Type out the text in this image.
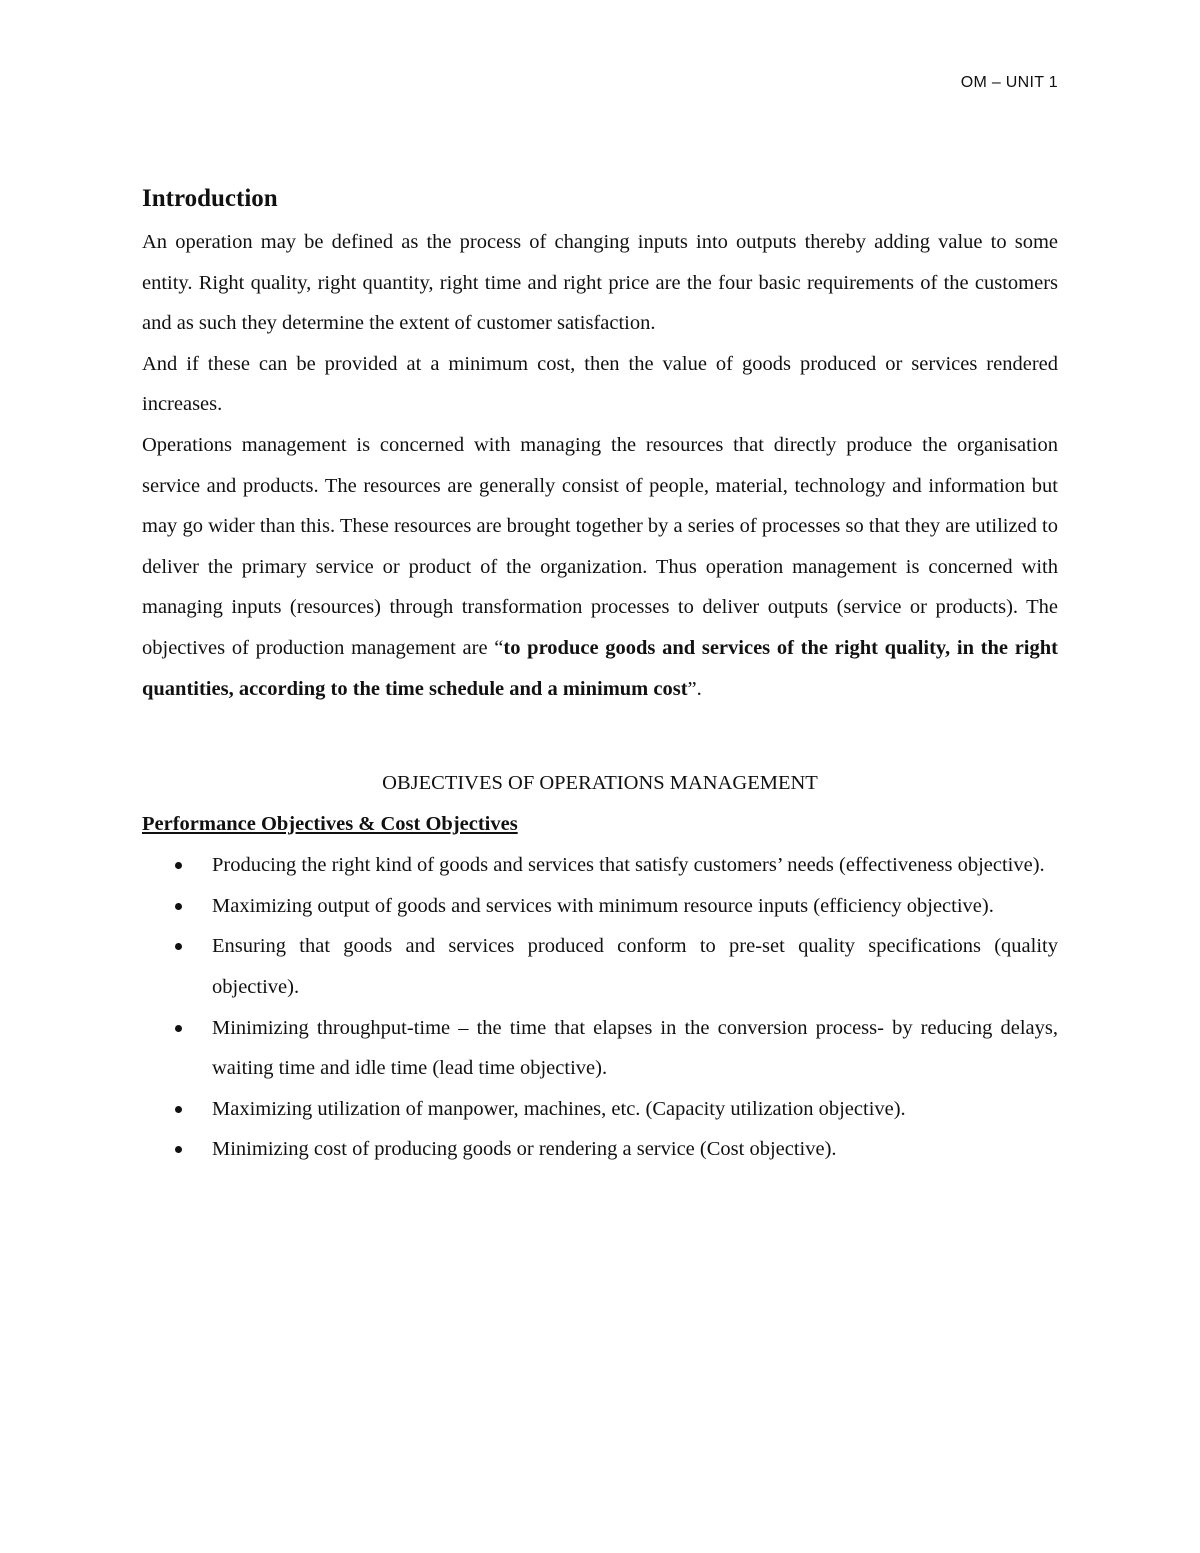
OM – UNIT 1
Introduction

An operation may be defined as the process of changing inputs into outputs thereby adding value to some entity. Right quality, right quantity, right time and right price are the four basic requirements of the customers and as such they determine the extent of customer satisfaction.

And if these can be provided at a minimum cost, then the value of goods produced or services rendered increases.

Operations management is concerned with managing the resources that directly produce the organisation service and products. The resources are generally consist of people, material, technology and information but may go wider than this. These resources are brought together by a series of processes so that they are utilized to deliver the primary service or product of the organization. Thus operation management is concerned with managing inputs (resources) through transformation processes to deliver outputs (service or products). The objectives of production management are “to produce goods and services of the right quality, in the right quantities, according to the time schedule and a minimum cost”.

OBJECTIVES OF OPERATIONS MANAGEMENT
Performance Objectives & Cost Objectives
Producing the right kind of goods and services that satisfy customers’ needs (effectiveness objective).
Maximizing output of goods and services with minimum resource inputs (efficiency objective).
Ensuring that goods and services produced conform to pre-set quality specifications (quality objective).
Minimizing throughput-time – the time that elapses in the conversion process- by reducing delays, waiting time and idle time (lead time objective).
Maximizing utilization of manpower, machines, etc. (Capacity utilization objective).
Minimizing cost of producing goods or rendering a service (Cost objective).
